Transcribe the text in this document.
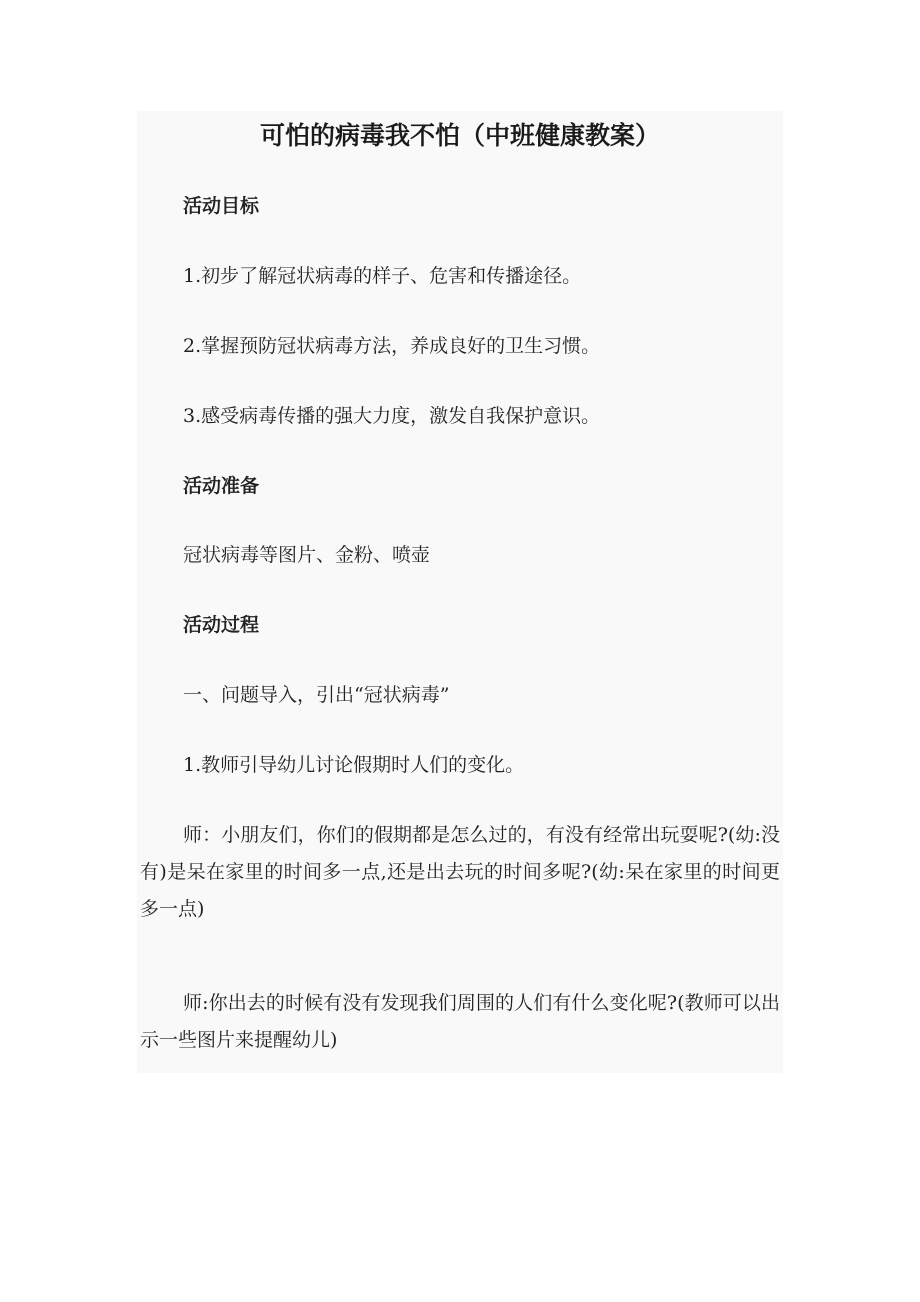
可怕的病毒我不怕（中班健康教案）
活动目标
1.初步了解冠状病毒的样子、危害和传播途径。
2.掌握预防冠状病毒方法，养成良好的卫生习惯。
3.感受病毒传播的强大力度，激发自我保护意识。
活动准备
冠状病毒等图片、金粉、喷壶
活动过程
一、问题导入，引出“冠状病毒”
1.教师引导幼儿讨论假期时人们的变化。

师：小朋友们，你们的假期都是怎么过的，有没有经常出玩耍呢?(幼:没有)是呆在家里的时间多一点,还是出去玩的时间多呢?(幼:呆在家里的时间更多一点)

师:你出去的时候有没有发现我们周围的人们有什么变化呢?(教师可以出示一些图片来提醒幼儿)
